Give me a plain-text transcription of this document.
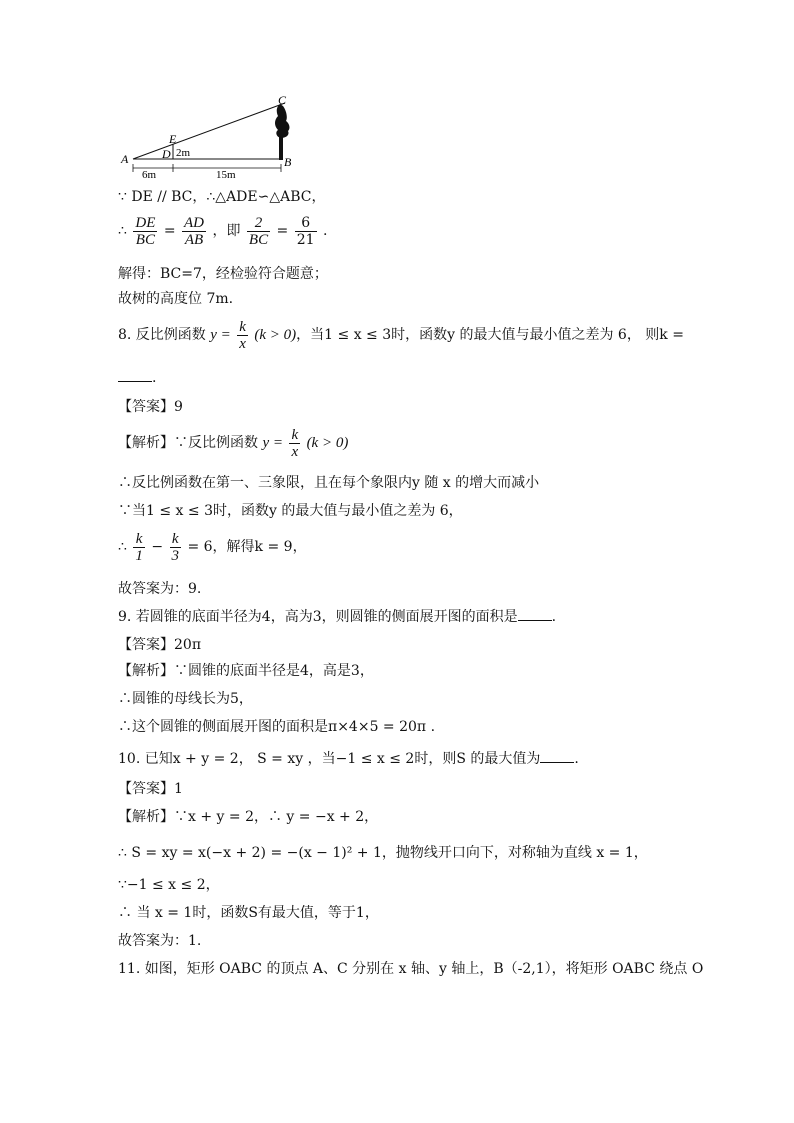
A	B
C
D
E
2m
6m	15m
∵ DE // BC，∴△ADE∽△ABC，
∴ $\frac{DE}{BC} = \frac{AD}{AB}$ ，即 $\frac{2}{BC} = \frac{6}{21}$ .
解得：BC=7，经检验符合题意；
故树的高度位 7m.
8. 反比例函数 $y = \frac{k}{x} (k > 0)$，当1 ≤ x ≤ 3时，函数y 的最大值与最小值之差为 6， 则k =
.
【答案】9
【解析】∵反比例函数 $y = \frac{k}{x} (k > 0)$
∴反比例函数在第一、三象限，且在每个象限内y 随 x 的增大而减小
∵当1 ≤ x ≤ 3时，函数y 的最大值与最小值之差为 6，
∴ $\frac{k}{1} - \frac{k}{3} = 6$，解得k = 9，
故答案为：9.
9. 若圆锥的底面半径为4，高为3，则圆锥的侧面展开图的面积是 .
【答案】20π
【解析】∵圆锥的底面半径是4，高是3，
∴圆锥的母线长为5，
∴这个圆锥的侧面展开图的面积是π×4×5 = 20π .
10. 已知x + y = 2， S = xy ，当−1 ≤ x ≤ 2时，则S 的最大值为 .
【答案】1
【解析】∵x + y = 2，∴ y = −x + 2，
∴ S = xy = x(−x + 2) = −(x − 1)² + 1，抛物线开口向下，对称轴为直线 x = 1，
∵−1 ≤ x ≤ 2，
∴ 当 x = 1时，函数S有最大值，等于1，
故答案为：1.
11. 如图，矩形 OABC 的顶点 A、C 分别在 x 轴、y 轴上，B（-2,1），将矩形 OABC 绕点 O
